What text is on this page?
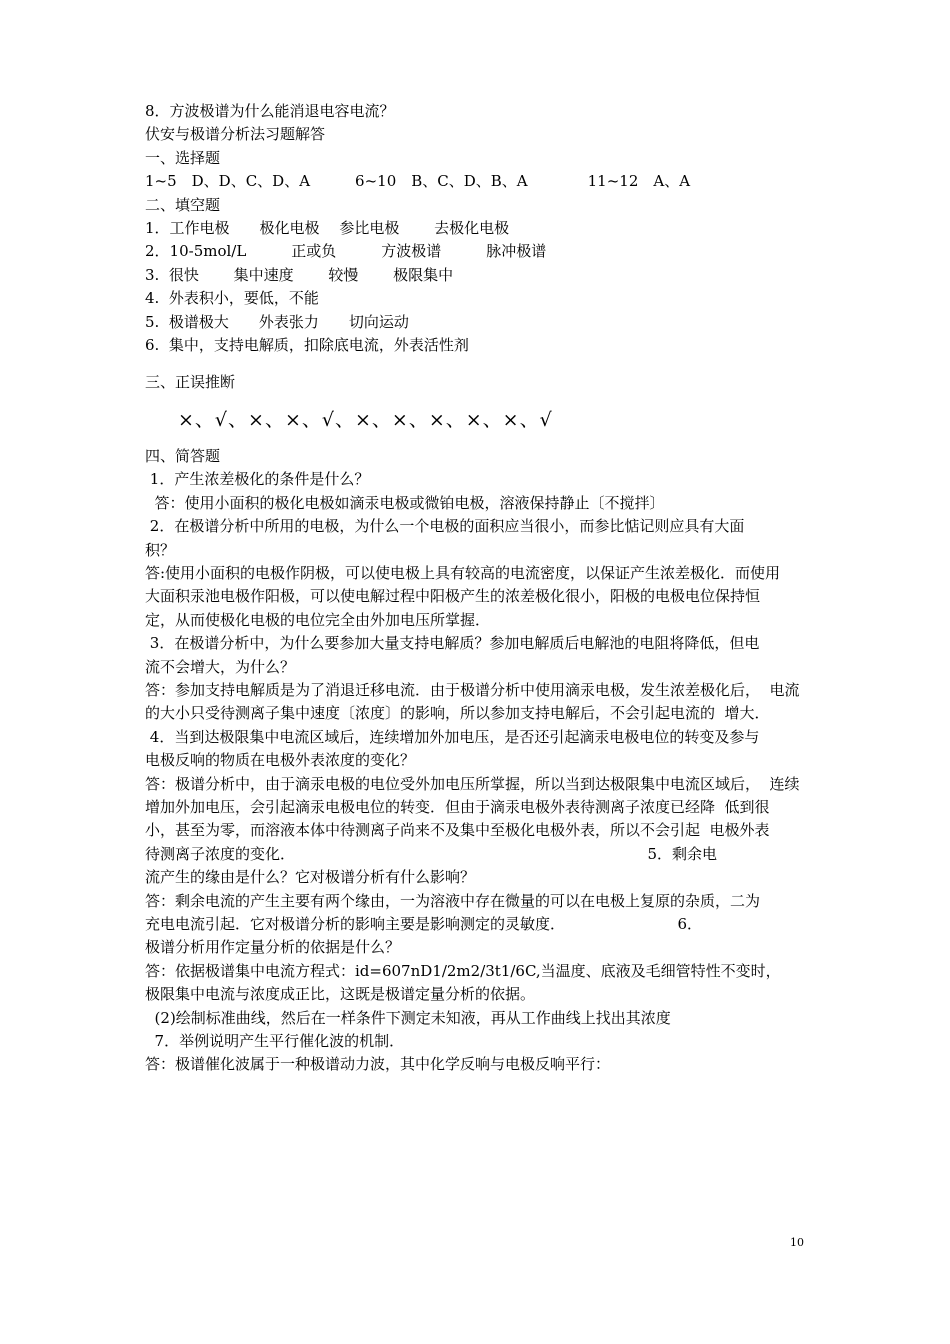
8．方波极谱为什么能消退电容电流？
伏安与极谱分析法习题解答
一、选择题
1~5　D、D、C、D、A　　　6~10　B、C、D、B、A　　　　11~12　A、A
二、填空题
1．工作电极　　极化电极　 参比电极　　 去极化电极
2．10-5mol/L　　　正或负　　　方波极谱　　　脉冲极谱
3.  很快　　 集中速度　　 较慢　　 极限集中
4.  外表积小，要低，不能
5.  极谱极大　　外表张力　　切向运动
6.  集中，支持电解质，扣除底电流，外表活性剂
三、正误推断
×、√、×、×、√、×、×、×、×、×、√
四、简答题
1．产生浓差极化的条件是什么？
答：使用小面积的极化电极如滴汞电极或微铂电极，溶液保持静止〔不搅拌〕
2．在极谱分析中所用的电极，为什么一个电极的面积应当很小，而参比惦记则应具有大面
积？
答:使用小面积的电极作阴极，可以使电极上具有较高的电流密度，以保证产生浓差极化．而使用
大面积汞池电极作阳极，可以使电解过程中阳极产生的浓差极化很小，阳极的电极电位保持恒
定，从而使极化电极的电位完全由外加电压所掌握．
3．在极谱分析中，为什么要参加大量支持电解质？参加电解质后电解池的电阻将降低，但电
流不会增大，为什么？
答：参加支持电解质是为了消退迁移电流．由于极谱分析中使用滴汞电极，发生浓差极化后，  电流
的大小只受待测离子集中速度〔浓度〕的影响，所以参加支持电解后，不会引起电流的  增大．
4．当到达极限集中电流区域后，连续增加外加电压，是否还引起滴汞电极电位的转变及参与
电极反响的物质在电极外表浓度的变化？
答：极谱分析中，由于滴汞电极的电位受外加电压所掌握，所以当到达极限集中电流区域后，  连续
增加外加电压，会引起滴汞电极电位的转变．但由于滴汞电极外表待测离子浓度已经降  低到很
小，甚至为零，而溶液本体中待测离子尚来不及集中至极化电极外表，所以不会引起  电极外表
待测离子浓度的变化．　　　　　　　　　　　　　　　　　　　　　　　　5．剩余电
流产生的缘由是什么？它对极谱分析有什么影响？
答：剩余电流的产生主要有两个缘由，一为溶液中存在微量的可以在电极上复原的杂质，二为
充电电流引起．它对极谱分析的影响主要是影响测定的灵敏度．　　　　　　　　6．
极谱分析用作定量分析的依据是什么？
答：依据极谱集中电流方程式：id=607nD1/2m2/3t1/6C,当温度、底液及毛细管特性不变时，
极限集中电流与浓度成正比，这既是极谱定量分析的依据。
(2)绘制标准曲线，然后在一样条件下测定未知液，再从工作曲线上找出其浓度
7．举例说明产生平行催化波的机制．
答：极谱催化波属于一种极谱动力波，其中化学反响与电极反响平行：
10
